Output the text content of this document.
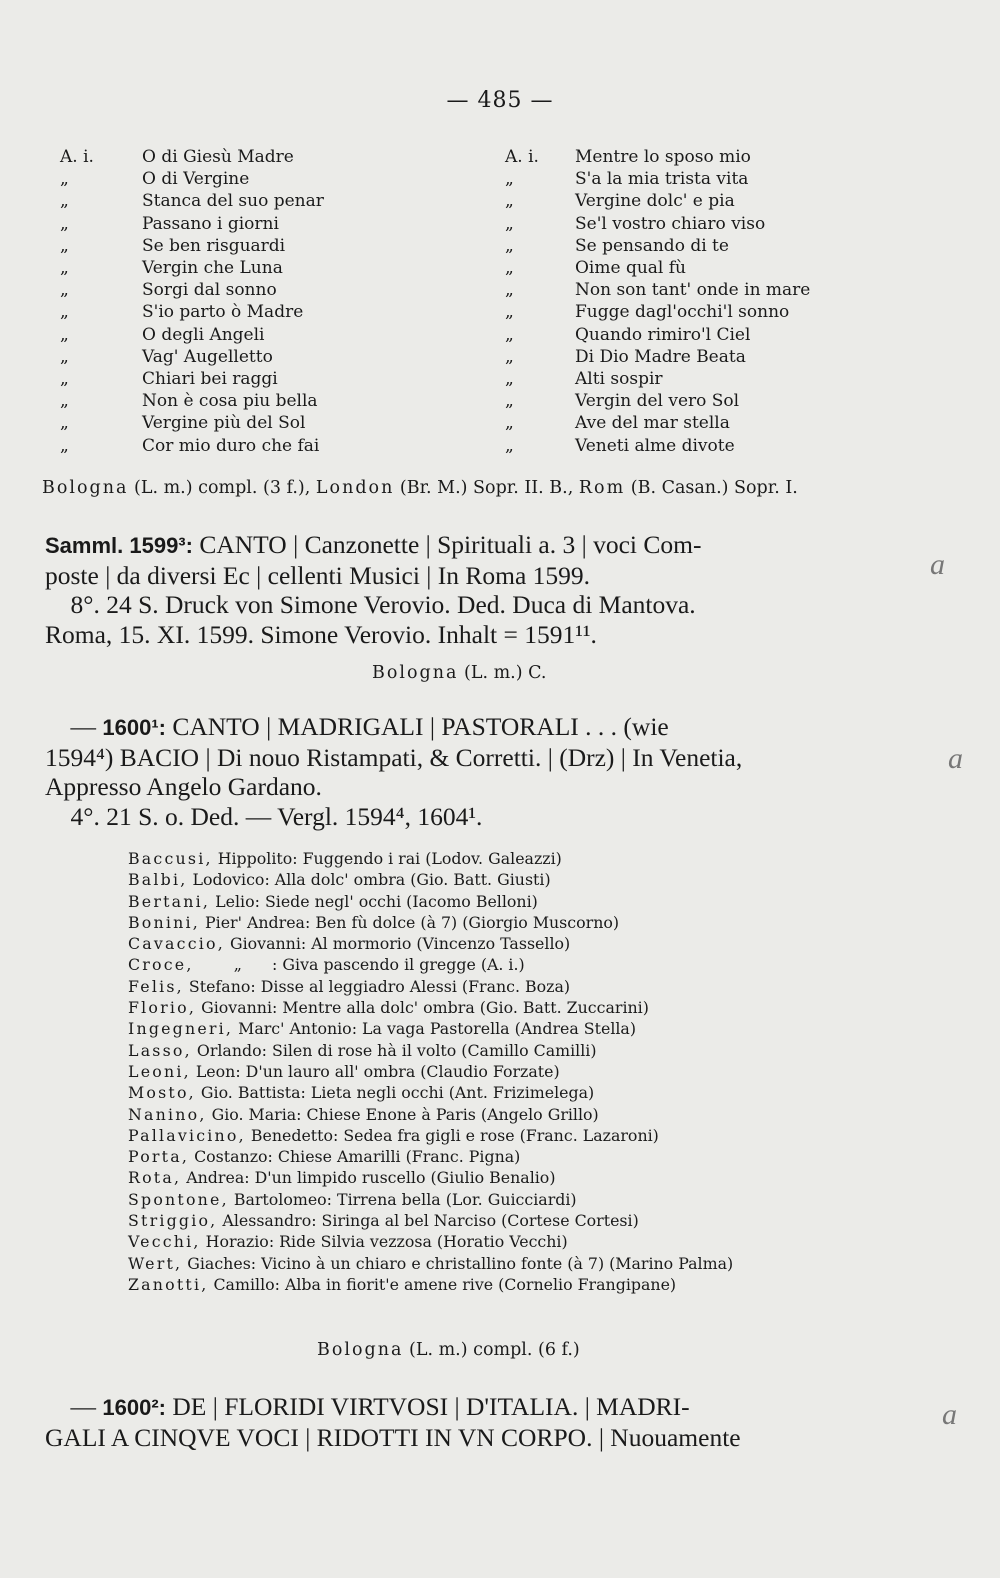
— 485 —
A. i.	O di Giesù Madre
„	O di Vergine
„	Stanca del suo penar
„	Passano i giorni
„	Se ben risguardi
„	Vergin che Luna
„	Sorgi dal sonno
„	S'io parto ò Madre
„	O degli Angeli
„	Vag' Augelletto
„	Chiari bei raggi
„	Non è cosa piu bella
„	Vergine più del Sol
„	Cor mio duro che fai
A. i.	Mentre lo sposo mio
„	S'a la mia trista vita
„	Vergine dolc' e pia
„	Se'l vostro chiaro viso
„	Se pensando di te
„	Oime qual fù
„	Non son tant' onde in mare
„	Fugge dagl'occhi'l sonno
„	Quando rimiro'l Ciel
„	Di Dio Madre Beata
„	Alti sospir
„	Vergin del vero Sol
„	Ave del mar stella
„	Veneti alme divote
Bologna (L. m.) compl. (3 f.), London (Br. M.) Sopr. II. B., Rom (B. Casan.) Sopr. I.
Samml. 1599³: CANTO | Canzonette | Spirituali a. 3 | voci Com-
poste | da diversi Ec | cellenti Musici | In Roma 1599.
8°. 24 S. Druck von Simone Verovio. Ded. Duca di Mantova.
Roma, 15. XI. 1599. Simone Verovio. Inhalt = 1591¹¹.
Bologna (L. m.) C.
— 1600¹: CANTO | MADRIGALI | PASTORALI . . . (wie
1594⁴) BACIO | Di nouo Ristampati, & Corretti. | (Drz) | In Venetia,
Appresso Angelo Gardano.
4°. 21 S. o. Ded. — Vergl. 1594⁴, 1604¹.
Baccusi, Hippolito: Fuggendo i rai (Lodov. Galeazzi)
Balbi, Lodovico: Alla dolc' ombra (Gio. Batt. Giusti)
Bertani, Lelio: Siede negl' occhi (Iacomo Belloni)
Bonini, Pier' Andrea: Ben fù dolce (à 7) (Giorgio Muscorno)
Cavaccio, Giovanni: Al mormorio (Vincenzo Tassello)
Croce,        „      : Giva pascendo il gregge (A. i.)
Felis, Stefano: Disse al leggiadro Alessi (Franc. Boza)
Florio, Giovanni: Mentre alla dolc' ombra (Gio. Batt. Zuccarini)
Ingegneri, Marc' Antonio: La vaga Pastorella (Andrea Stella)
Lasso, Orlando: Silen di rose hà il volto (Camillo Camilli)
Leoni, Leon: D'un lauro all' ombra (Claudio Forzate)
Mosto, Gio. Battista: Lieta negli occhi (Ant. Frizimelega)
Nanino, Gio. Maria: Chiese Enone à Paris (Angelo Grillo)
Pallavicino, Benedetto: Sedea fra gigli e rose (Franc. Lazaroni)
Porta, Costanzo: Chiese Amarilli (Franc. Pigna)
Rota, Andrea: D'un limpido ruscello (Giulio Benalio)
Spontone, Bartolomeo: Tirrena bella (Lor. Guicciardi)
Striggio, Alessandro: Siringa al bel Narciso (Cortese Cortesi)
Vecchi, Horazio: Ride Silvia vezzosa (Horatio Vecchi)
Wert, Giaches: Vicino à un chiaro e christallino fonte (à 7) (Marino Palma)
Zanotti, Camillo: Alba in fiorit'e amene rive (Cornelio Frangipane)
Bologna (L. m.) compl. (6 f.)
— 1600²: DE | FLORIDI VIRTVOSI | D'ITALIA. | MADRI-
GALI A CINQVE VOCI | RIDOTTI IN VN CORPO. | Nuouamente
a
a
a
